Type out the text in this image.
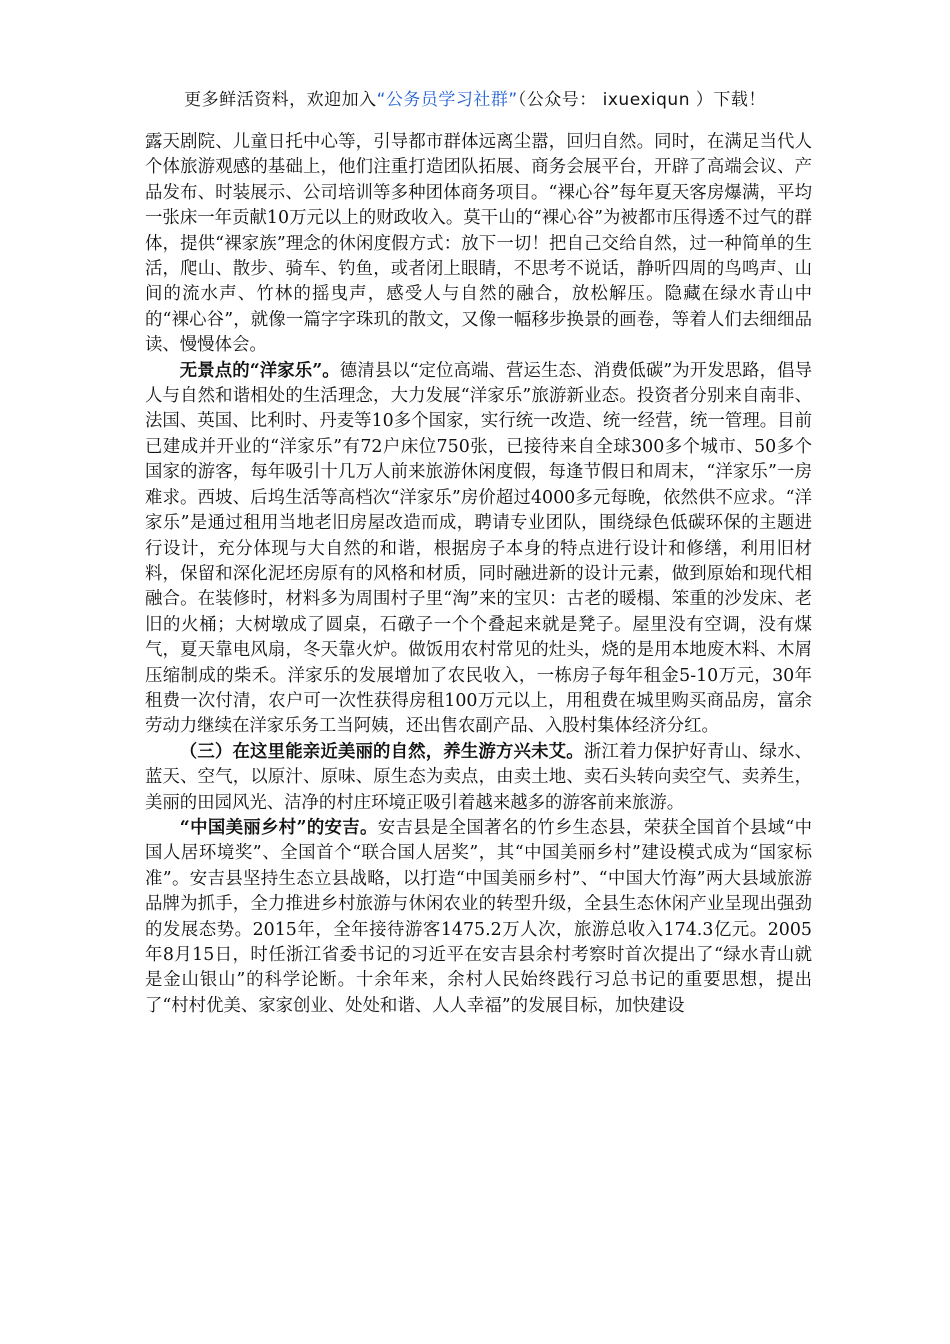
更多鲜活资料，欢迎加入“公务员学习社群”（公众号： ixuexiqun ）下载！

露天剧院、儿童日托中心等，引导都市群体远离尘嚣，回归自然。同时，在满足当代人个体旅游观感的基础上，他们注重打造团队拓展、商务会展平台，开辟了高端会议、产品发布、时装展示、公司培训等多种团体商务项目。“裸心谷”每年夏天客房爆满，平均一张床一年贡献10万元以上的财政收入。莫干山的“裸心谷”为被都市压得透不过气的群体，提供“裸家族”理念的休闲度假方式：放下一切！把自己交给自然，过一种简单的生活，爬山、散步、骑车、钓鱼，或者闭上眼睛，不思考不说话，静听四周的鸟鸣声、山间的流水声、竹林的摇曳声，感受人与自然的融合，放松解压。隐藏在绿水青山中的“裸心谷”，就像一篇字字珠玑的散文，又像一幅移步换景的画卷，等着人们去细细品读、慢慢体会。

无景点的“洋家乐”。德清县以“定位高端、营运生态、消费低碳”为开发思路，倡导人与自然和谐相处的生活理念，大力发展“洋家乐”旅游新业态。投资者分别来自南非、法国、英国、比利时、丹麦等10多个国家，实行统一改造、统一经营，统一管理。目前已建成并开业的“洋家乐”有72户床位750张，已接待来自全球300多个城市、50多个国家的游客，每年吸引十几万人前来旅游休闲度假，每逢节假日和周末，“洋家乐”一房难求。西坡、后坞生活等高档次“洋家乐”房价超过4000多元每晚，依然供不应求。“洋家乐”是通过租用当地老旧房屋改造而成，聘请专业团队，围绕绿色低碳环保的主题进行设计，充分体现与大自然的和谐，根据房子本身的特点进行设计和修缮，利用旧材料，保留和深化泥坯房原有的风格和材质，同时融进新的设计元素，做到原始和现代相融合。在装修时，材料多为周围村子里“淘”来的宝贝：古老的暖榻、笨重的沙发床、老旧的火桶；大树墩成了圆桌，石礅子一个个叠起来就是凳子。屋里没有空调，没有煤气，夏天靠电风扇，冬天靠火炉。做饭用农村常见的灶头，烧的是用本地废木料、木屑压缩制成的柴禾。洋家乐的发展增加了农民收入，一栋房子每年租金5-10万元，30年租费一次付清，农户可一次性获得房租100万元以上，用租费在城里购买商品房，富余劳动力继续在洋家乐务工当阿姨，还出售农副产品、入股村集体经济分红。

（三）在这里能亲近美丽的自然，养生游方兴未艾。浙江着力保护好青山、绿水、蓝天、空气，以原汁、原味、原生态为卖点，由卖土地、卖石头转向卖空气、卖养生，美丽的田园风光、洁净的村庄环境正吸引着越来越多的游客前来旅游。

“中国美丽乡村”的安吉。安吉县是全国著名的竹乡生态县，荣获全国首个县域“中国人居环境奖”、全国首个“联合国人居奖”，其“中国美丽乡村”建设模式成为“国家标准”。安吉县坚持生态立县战略，以打造“中国美丽乡村”、“中国大竹海”两大县域旅游品牌为抓手，全力推进乡村旅游与休闲农业的转型升级，全县生态休闲产业呈现出强劲的发展态势。2015年，全年接待游客1475.2万人次，旅游总收入174.3亿元。2005年8月15日，时任浙江省委书记的习近平在安吉县余村考察时首次提出了“绿水青山就是金山银山”的科学论断。十余年来，余村人民始终践行习总书记的重要思想，提出了“村村优美、家家创业、处处和谐、人人幸福”的发展目标，加快建设
